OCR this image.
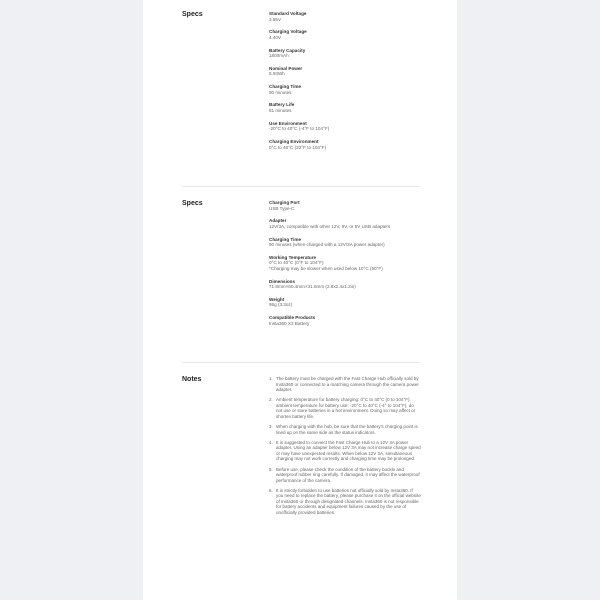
Specs	Standard Voltage
3.85V
Charging Voltage
4.40V
Battery Capacity
1800mAh
Nominal Power
6.93Wh
Charging Time
90 minutes
Battery Life
81 minutes
Use Environment
-20°C to 40°C (-4°F to 104°F)
Charging Environment
0°C to 40°C (32°F to 104°F)
Specs	Charging Port
USB Type-C
Adapter
12V/3A, compatible with other 12V, 9V, or 5V USB adapters
Charging Time
90 minutes (when charged with a 12V/3A power adapter)
Working Temperature
0°C to 40°C (0°F to 104°F)
*Charging may be slower when used below 10°C (50°F)
Dimensions
71.8mm×60.4mm×31.6mm (2.8x2.4x1.2in)
Weight
95g (3.3oz)
Compatible Products
Insta360 X3 Battery
Notes	1. The battery must be charged with the Fast Charge Hub officially sold by Insta360 or connected to a matching camera through the camera power adapter.
2. Ambient temperature for battery charging: 0°C to 40°C (0 to 104°F), ambient temperature for battery use: -20°C to 40°C (-4° to 104°F), do not use or store batteries in a hot environment. Doing so may affect or shorten battery life.
3. When charging with the hub, be sure that the battery's charging point is lined up on the same side as the status indicators.
4. It is suggested to connect the Fast Charge Hub to a 12V 3A power adapter. Using an adapter below 12V 3A may not increase charge speed or may have unexpected results. When below 12V 3A, simultaneous charging may not work correctly and charging time may be prolonged.
5. Before use, please check the condition of the battery buckle and waterproof rubber ring carefully. If damaged, it may affect the waterproof performance of the camera.
6. It is strictly forbidden to use batteries not officially sold by Insta360. If you need to replace the battery, please purchase it on the official website of Insta360 or through designated channels. Insta360 is not responsible for battery accidents and equipment failures caused by the use of unofficially provided batteries.
